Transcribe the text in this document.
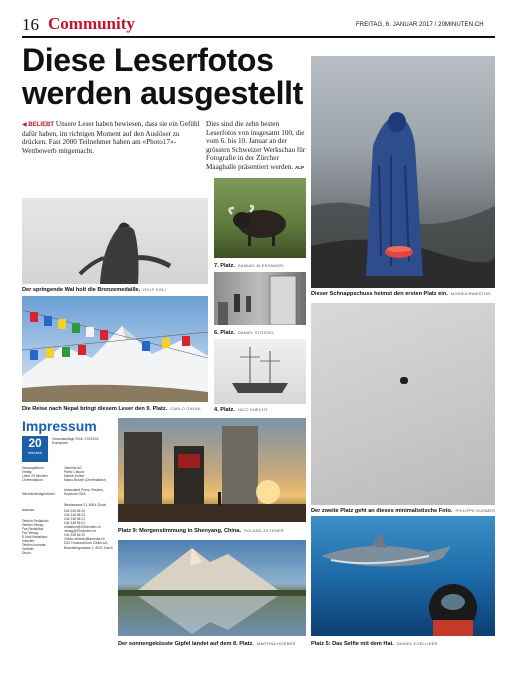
16 Community	FREITAG, 6. JANUAR 2017 / 20MINUTEN.CH
Diese Leserfotos
werden ausgestellt
◀ BELIEBT Unsere Leser haben bewiesen, dass sie ein Gefühl dafür haben, im richtigen Moment auf den Auslöser zu drücken. Fast 2000 Teilnehmer haben am «Photo17»-Wettbewerb mitgemacht.
Dies sind die zehn besten Leserfotos von insgesamt 100, die vom 6. bis 10. Januar an der grössten Schweizer Werkschau für Fotografie in der Zürcher Maaghalle präsentiert werden. ALP
Dieser Schnappschuss heimst den ersten Platz ein. MONIKA RAWSTON
Der springende Wal holt die Bronzemedaille. ROLF EGLI
7. Platz. SAMUEL ALESSANDRI
6. Platz. DANIEL STÖSSEL
Die Reise nach Nepal bringt diesem Leser den 9. Platz. CARLO GAVINI 4. Platz. NICO KNECHT
Der zweite Platz geht an dieses minimalistische Foto. PHILIPPE KUMMER
Impressum
20
minuten
Gesamtauflage 2016: 1'015'000 Exemplare
Herausgeberin:
Verlag:
Leiter 20 Minuten:
Chefredaktion:
Nachrichtenagenturen:
Adresse:
Telefon Redaktion:
Telefon Verlag:
Fax Redaktion:
Fax Verlag:
E-Mail Redaktion:
Inserate:
Telefon Inserate:
Vertrieb:
Druck:
Tamedia AG
Patric Casura
Marcel Kohler
Marco Boselli (Chefredaktor)
Associated Press, Reuters, Keystone-SDA
Werdstrasse 21, 8004 Zürich
044 248 68 20
044 248 68 20
044 248 68 21
044 248 66 01
redaktion@20minuten.ch
verlag@20minuten.ch
044 248 66 20
20min-vertrieb@tamedia.ch
DZZ Druckzentrum Zürich AG, Bubenbergstrasse 1, 8021 Zürich
Platz 9: Morgenstimmung in Shenyang, China. ROLAND ZILTENER
Der sonnengeküsste Gipfel landet auf dem 8. Platz. MARTINA HORBER	Platz 5: Das Selfie mit dem Hai. DANIEL KOELLIKER
